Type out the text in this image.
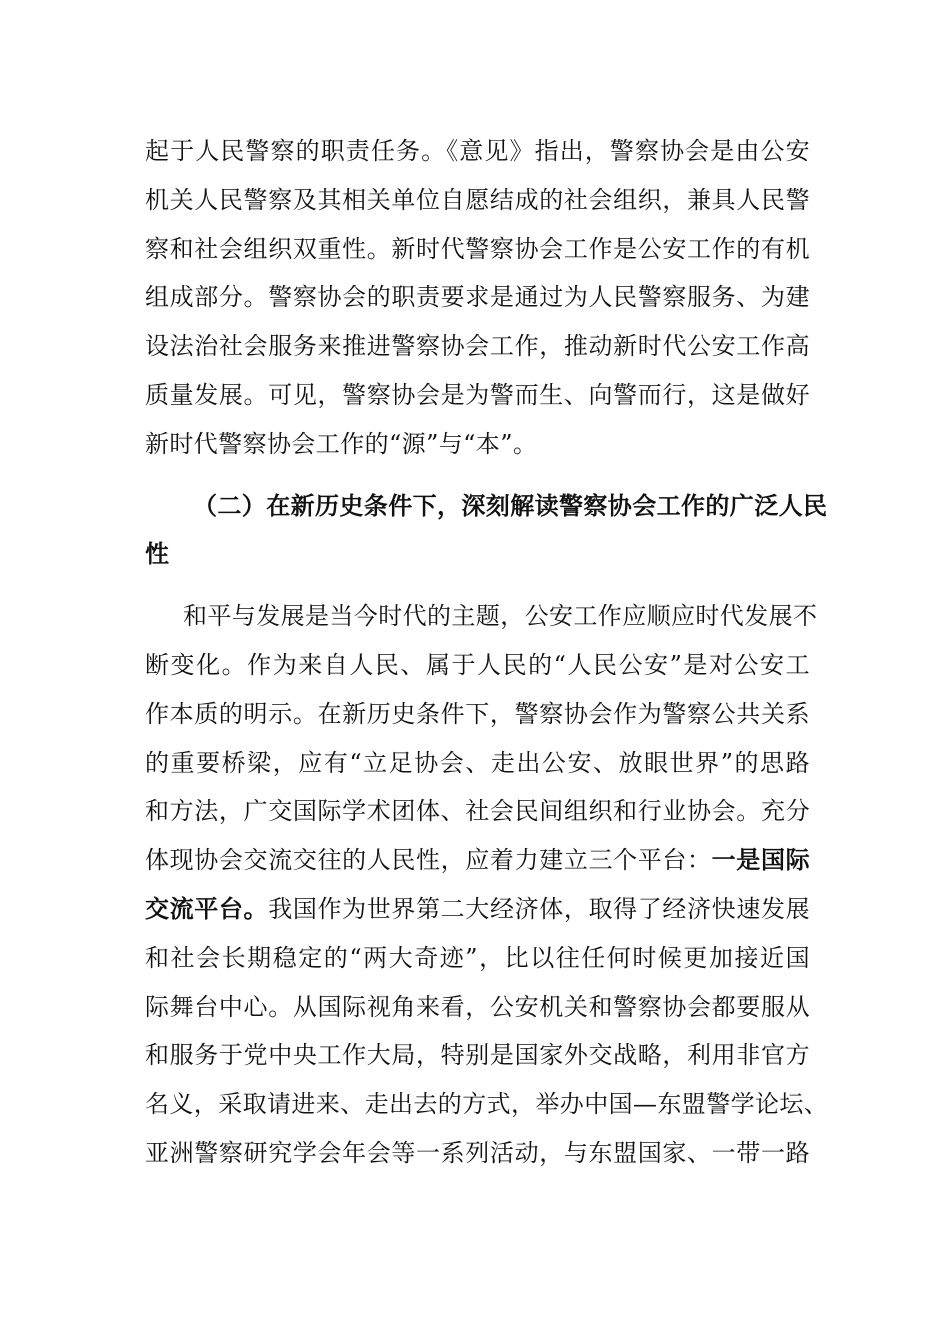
起于人民警察的职责任务。《意见》指出，警察协会是由公安
机关人民警察及其相关单位自愿结成的社会组织，兼具人民警
察和社会组织双重性。新时代警察协会工作是公安工作的有机
组成部分。警察协会的职责要求是通过为人民警察服务、为建
设法治社会服务来推进警察协会工作，推动新时代公安工作高
质量发展。可见，警察协会是为警而生、向警而行，这是做好
新时代警察协会工作的“源”与“本”。
（二）在新历史条件下，深刻解读警察协会工作的广泛人民
性
和平与发展是当今时代的主题，公安工作应顺应时代发展不
断变化。作为来自人民、属于人民的“人民公安”是对公安工
作本质的明示。在新历史条件下，警察协会作为警察公共关系
的重要桥梁，应有“立足协会、走出公安、放眼世界”的思路
和方法，广交国际学术团体、社会民间组织和行业协会。充分
体现协会交流交往的人民性，应着力建立三个平台：一是国际
交流平台。我国作为世界第二大经济体，取得了经济快速发展
和社会长期稳定的“两大奇迹”，比以往任何时候更加接近国
际舞台中心。从国际视角来看，公安机关和警察协会都要服从
和服务于党中央工作大局，特别是国家外交战略，利用非官方
名义，采取请进来、走出去的方式，举办中国—东盟警学论坛、
亚洲警察研究学会年会等一系列活动，与东盟国家、一带一路
